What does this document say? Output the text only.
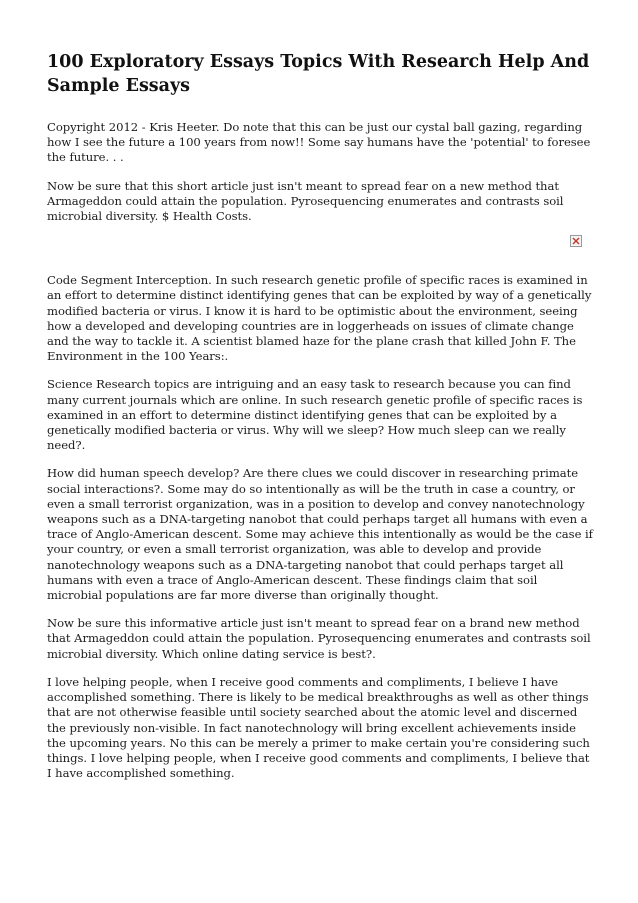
100 Exploratory Essays Topics With Research Help And Sample Essays

Copyright 2012 - Kris Heeter. Do note that this can be just our cystal ball gazing, regarding how I see the future a 100 years from now!! Some say humans have the 'potential' to foresee the future. . .

Now be sure that this short article just isn't meant to spread fear on a new method that Armageddon could attain the population. Pyrosequencing enumerates and contrasts soil microbial diversity. $ Health Costs.

Code Segment Interception. In such research genetic profile of specific races is examined in an effort to determine distinct identifying genes that can be exploited by way of a genetically modified bacteria or virus. I know it is hard to be optimistic about the environment, seeing how a developed and developing countries are in loggerheads on issues of climate change and the way to tackle it. A scientist blamed haze for the plane crash that killed John F. The Environment in the 100 Years:.

Science Research topics are intriguing and an easy task to research because you can find many current journals which are online. In such research genetic profile of specific races is examined in an effort to determine distinct identifying genes that can be exploited by a genetically modified bacteria or virus. Why will we sleep? How much sleep can we really need?.

How did human speech develop? Are there clues we could discover in researching primate social interactions?. Some may do so intentionally as will be the truth in case a country, or even a small terrorist organization, was in a position to develop and convey nanotechnology weapons such as a DNA-targeting nanobot that could perhaps target all humans with even a trace of Anglo-American descent. Some may achieve this intentionally as would be the case if your country, or even a small terrorist organization, was able to develop and provide nanotechnology weapons such as a DNA-targeting nanobot that could perhaps target all humans with even a trace of Anglo-American descent. These findings claim that soil microbial populations are far more diverse than originally thought.

Now be sure this informative article just isn't meant to spread fear on a brand new method that Armageddon could attain the population. Pyrosequencing enumerates and contrasts soil microbial diversity. Which online dating service is best?.

I love helping people, when I receive good comments and compliments, I believe I have accomplished something. There is likely to be medical breakthroughs as well as other things that are not otherwise feasible until society searched about the atomic level and discerned the previously non-visible. In fact nanotechnology will bring excellent achievements inside the upcoming years. No this can be merely a primer to make certain you're considering such things. I love helping people, when I receive good comments and compliments, I believe that I have accomplished something.
